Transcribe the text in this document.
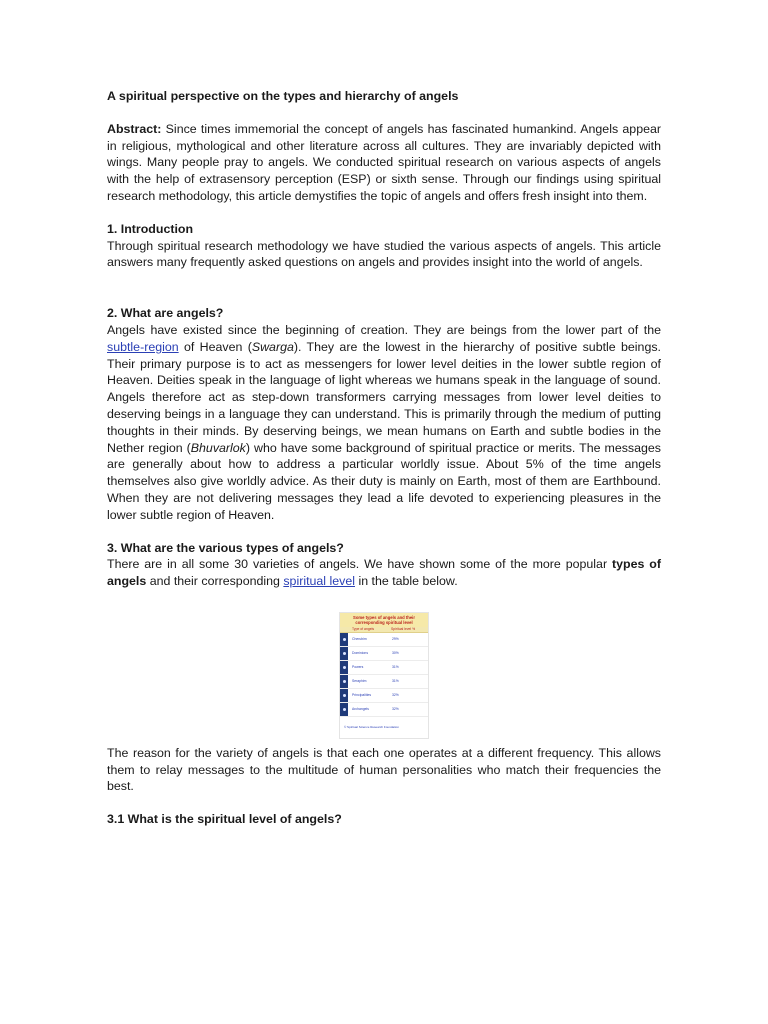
A spiritual perspective on the types and hierarchy of angels

Abstract: Since times immemorial the concept of angels has fascinated humankind. Angels appear in religious, mythological and other literature across all cultures. They are invariably depicted with wings. Many people pray to angels. We conducted spiritual research on various aspects of angels with the help of extrasensory perception (ESP) or sixth sense. Through our findings using spiritual research methodology, this article demystifies the topic of angels and offers fresh insight into them.

1. Introduction

Through spiritual research methodology we have studied the various aspects of angels. This article answers many frequently asked questions on angels and provides insight into the world of angels.

2. What are angels?

Angels have existed since the beginning of creation. They are beings from the lower part of the subtle-region of Heaven (Swarga). They are the lowest in the hierarchy of positive subtle beings. Their primary purpose is to act as messengers for lower level deities in the lower subtle region of Heaven. Deities speak in the language of light whereas we humans speak in the language of sound. Angels therefore act as step-down transformers carrying messages from lower level deities to deserving beings in a language they can understand. This is primarily through the medium of putting thoughts in their minds. By deserving beings, we mean humans on Earth and subtle bodies in the Nether region (Bhuvarlok) who have some background of spiritual practice or merits. The messages are generally about how to address a particular worldly issue. About 5% of the time angels themselves also give worldly advice. As their duty is mainly on Earth, most of them are Earthbound. When they are not delivering messages they lead a life devoted to experiencing pleasures in the lower subtle region of Heaven.

3. What are the various types of angels?

There are in all some 30 varieties of angels. We have shown some of the more popular types of angels and their corresponding spiritual level in the table below.

Some types of angels and their corresponding spiritual level
Type of angels	Spiritual level %
Cherubim	29%
Dominions	30%
Powers	31%
Seraphim	31%
Principalities	32%
Archangels	32%
© Spiritual Science Research Foundation

The reason for the variety of angels is that each one operates at a different frequency. This allows them to relay messages to the multitude of human personalities who match their frequencies the best.

3.1 What is the spiritual level of angels?
